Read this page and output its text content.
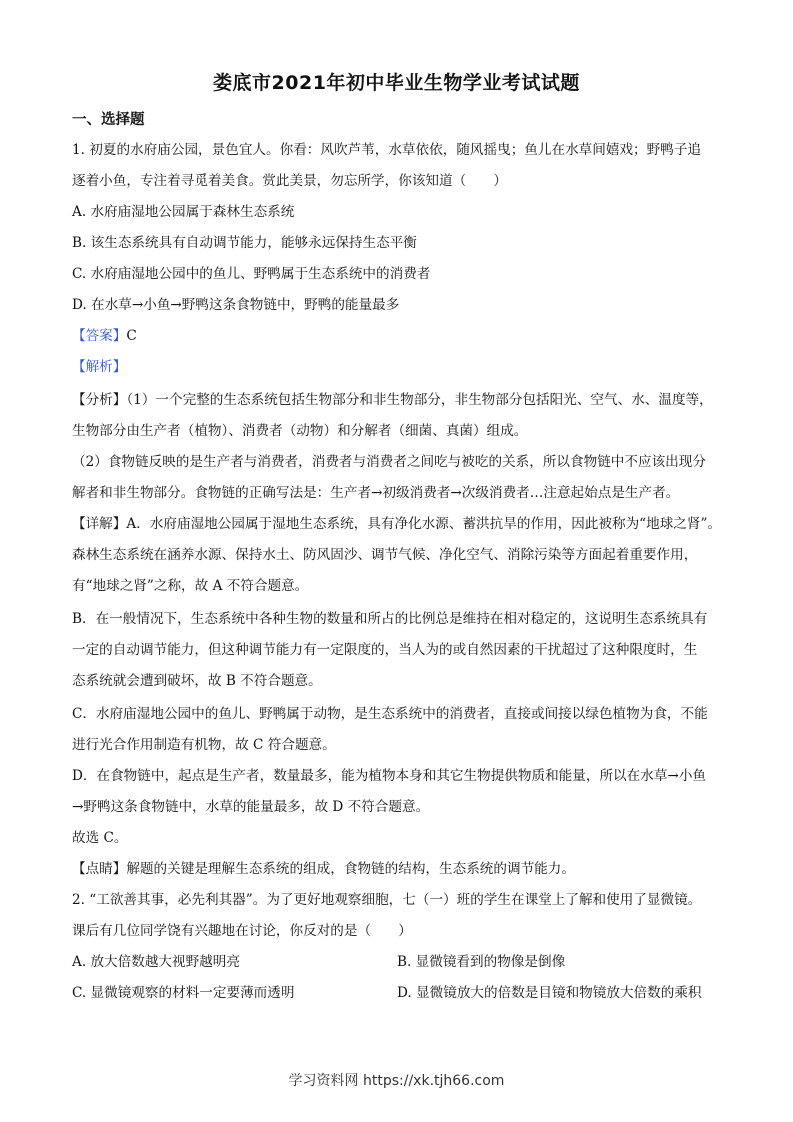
娄底市2021年初中毕业生物学业考试试题
一、选择题
1. 初夏的水府庙公园，景色宜人。你看：风吹芦苇，水草依依，随风摇曳；鱼儿在水草间嬉戏；野鸭子追
逐着小鱼，专注着寻觅着美食。赏此美景，勿忘所学，你该知道（　　）
A. 水府庙湿地公园属于森林生态系统
B. 该生态系统具有自动调节能力，能够永远保持生态平衡
C. 水府庙湿地公园中的鱼儿、野鸭属于生态系统中的消费者
D. 在水草→小鱼→野鸭这条食物链中，野鸭的能量最多
【答案】C
【解析】
【分析】（1）一个完整的生态系统包括生物部分和非生物部分，非生物部分包括阳光、空气、水、温度等，
生物部分由生产者（植物）、消费者（动物）和分解者（细菌、真菌）组成。
（2）食物链反映的是生产者与消费者，消费者与消费者之间吃与被吃的关系，所以食物链中不应该出现分
解者和非生物部分。食物链的正确写法是：生产者→初级消费者→次级消费者…注意起始点是生产者。
【详解】A．水府庙湿地公园属于湿地生态系统，具有净化水源、蓄洪抗旱的作用，因此被称为“地球之肾”。
森林生态系统在涵养水源、保持水土、防风固沙、调节气候、净化空气、消除污染等方面起着重要作用，
有“地球之肾”之称，故 A 不符合题意。
B．在一般情况下，生态系统中各种生物的数量和所占的比例总是维持在相对稳定的，这说明生态系统具有
一定的自动调节能力，但这种调节能力有一定限度的，当人为的或自然因素的干扰超过了这种限度时，生
态系统就会遭到破坏，故 B 不符合题意。
C．水府庙湿地公园中的鱼儿、野鸭属于动物，是生态系统中的消费者，直接或间接以绿色植物为食，不能
进行光合作用制造有机物，故 C 符合题意。
D．在食物链中，起点是生产者，数量最多，能为植物本身和其它生物提供物质和能量，所以在水草→小鱼
→野鸭这条食物链中，水草的能量最多，故 D 不符合题意。
故选 C。
【点睛】解题的关键是理解生态系统的组成，食物链的结构，生态系统的调节能力。
2. “工欲善其事，必先利其器”。为了更好地观察细胞，七（一）班的学生在课堂上了解和使用了显微镜。
课后有几位同学饶有兴趣地在讨论，你反对的是（　　）
A. 放大倍数越大视野越明亮	B. 显微镜看到的物像是倒像
C. 显微镜观察的材料一定要薄而透明	D. 显微镜放大的倍数是目镜和物镜放大倍数的乘积
学习资料网 https://xk.tjh66.com
